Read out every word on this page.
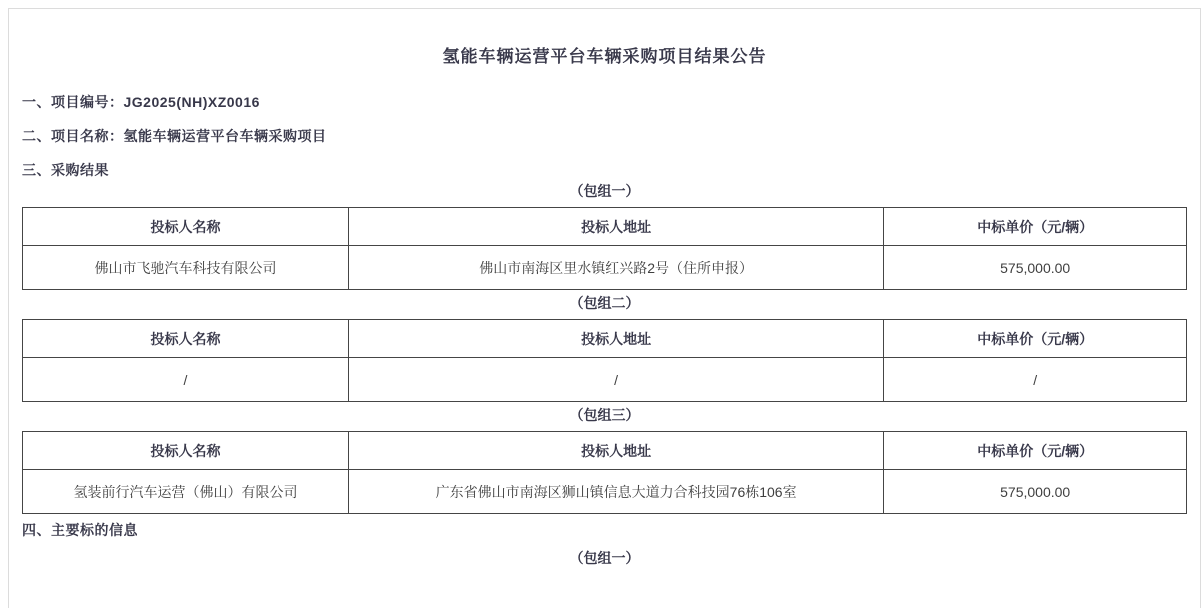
氢能车辆运营平台车辆采购项目结果公告
一、项目编号：JG2025(NH)XZ0016
二、项目名称：氢能车辆运营平台车辆采购项目
三、采购结果
（包组一）
投标人名称	投标人地址	中标单价（元/辆）
佛山市飞驰汽车科技有限公司	佛山市南海区里水镇红兴路2号（住所申报）	575,000.00
（包组二）
投标人名称	投标人地址	中标单价（元/辆）
/	/	/
（包组三）
投标人名称	投标人地址	中标单价（元/辆）
氢装前行汽车运营（佛山）有限公司	广东省佛山市南海区狮山镇信息大道力合科技园76栋106室	575,000.00
四、主要标的信息
（包组一）
